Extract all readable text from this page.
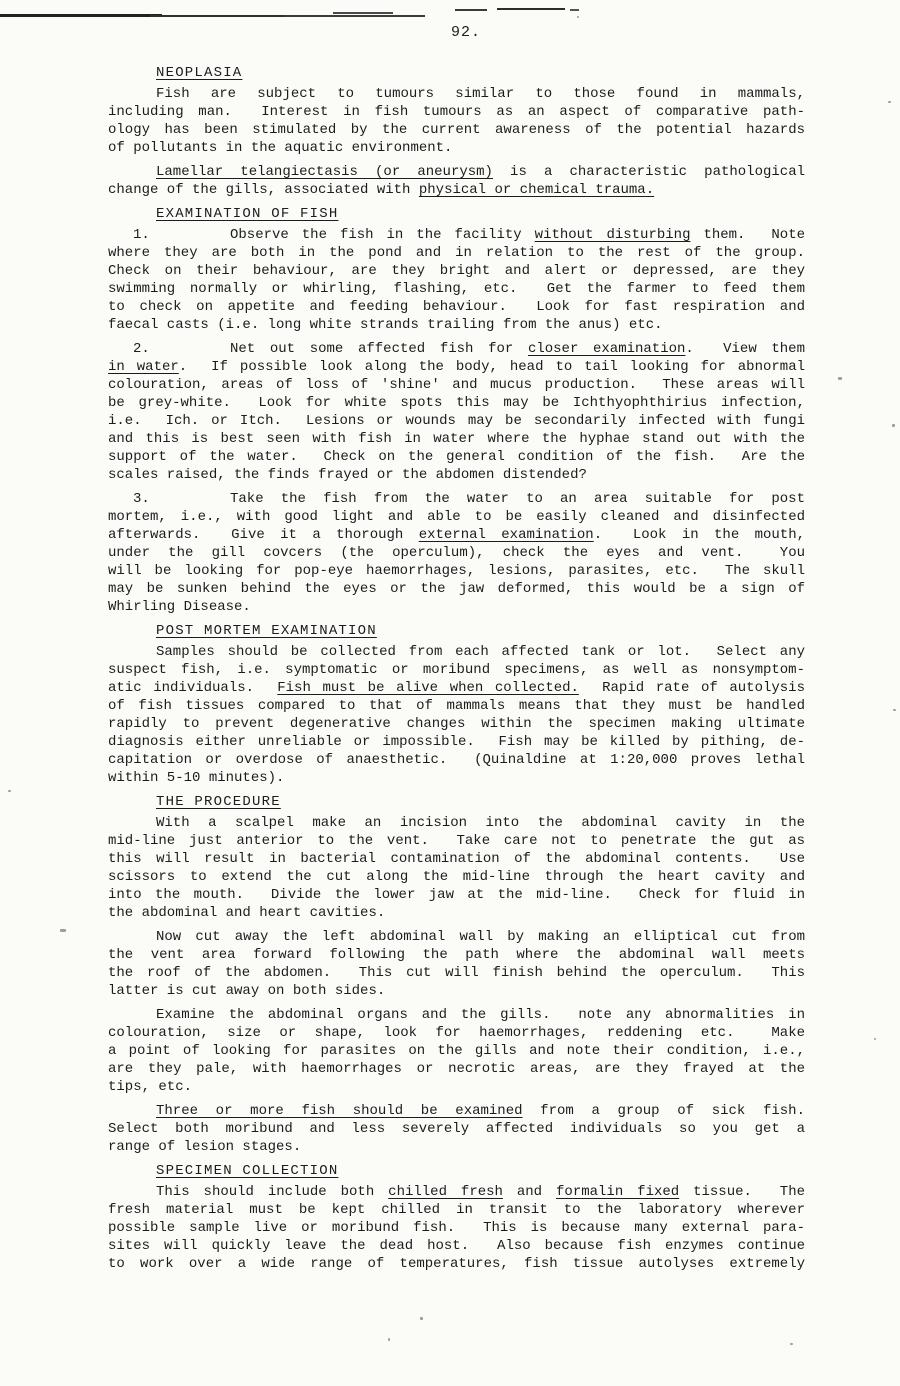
92.
NEOPLASIA
Fish are subject to tumours similar to those found in mammals,
including man.  Interest in fish tumours as an aspect of comparative path-
ology has been stimulated by the current awareness of the potential hazards
of pollutants in the aquatic environment.
Lamellar telangiectasis (or aneurysm) is a characteristic pathological
change of the gills, associated with physical or chemical trauma.
EXAMINATION OF FISH
1.	Observe the fish in the facility without disturbing them.  Note
where they are both in the pond and in relation to the rest of the group.
Check on their behaviour, are they bright and alert or depressed, are they
swimming normally or whirling, flashing, etc.  Get the farmer to feed them
to check on appetite and feeding behaviour.  Look for fast respiration and
faecal casts (i.e. long white strands trailing from the anus) etc.
2.	Net out some affected fish for closer examination.  View them
in water.  If possible look along the body, head to tail looking for abnormal
colouration, areas of loss of 'shine' and mucus production.  These areas will
be grey-white.  Look for white spots this may be Ichthyophthirius infection,
i.e.  Ich. or Itch.  Lesions or wounds may be secondarily infected with fungi
and this is best seen with fish in water where the hyphae stand out with the
support of the water.  Check on the general condition of the fish.  Are the
scales raised, the finds frayed or the abdomen distended?
3.	Take the fish from the water to an area suitable for post
mortem, i.e., with good light and able to be easily cleaned and disinfected
afterwards.  Give it a thorough external examination.  Look in the mouth,
under the gill covcers (the operculum), check the eyes and vent.  You
will be looking for pop-eye haemorrhages, lesions, parasites, etc.  The skull
may be sunken behind the eyes or the jaw deformed, this would be a sign of
Whirling Disease.
POST MORTEM EXAMINATION
Samples should be collected from each affected tank or lot.  Select any
suspect fish, i.e. symptomatic or moribund specimens, as well as nonsymptom-
atic individuals.  Fish must be alive when collected.  Rapid rate of autolysis
of fish tissues compared to that of mammals means that they must be handled
rapidly to prevent degenerative changes within the specimen making ultimate
diagnosis either unreliable or impossible.  Fish may be killed by pithing, de-
capitation or overdose of anaesthetic.  (Quinaldine at 1:20,000 proves lethal
within 5-10 minutes).
THE PROCEDURE
With a scalpel make an incision into the abdominal cavity in the
mid-line just anterior to the vent.  Take care not to penetrate the gut as
this will result in bacterial contamination of the abdominal contents.  Use
scissors to extend the cut along the mid-line through the heart cavity and
into the mouth.  Divide the lower jaw at the mid-line.  Check for fluid in
the abdominal and heart cavities.
Now cut away the left abdominal wall by making an elliptical cut from
the vent area forward following the path where the abdominal wall meets
the roof of the abdomen.  This cut will finish behind the operculum.  This
latter is cut away on both sides.
Examine the abdominal organs and the gills.  note any abnormalities in
colouration, size or shape, look for haemorrhages, reddening etc.  Make
a point of looking for parasites on the gills and note their condition, i.e.,
are they pale, with haemorrhages or necrotic areas, are they frayed at the
tips, etc.
Three or more fish should be examined from a group of sick fish.
Select both moribund and less severely affected individuals so you get a
range of lesion stages.
SPECIMEN COLLECTION
This should include both chilled fresh and formalin fixed tissue.  The
fresh material must be kept chilled in transit to the laboratory wherever
possible sample live or moribund fish.  This is because many external para-
sites will quickly leave the dead host.  Also because fish enzymes continue
to work over a wide range of temperatures, fish tissue autolyses extremely
